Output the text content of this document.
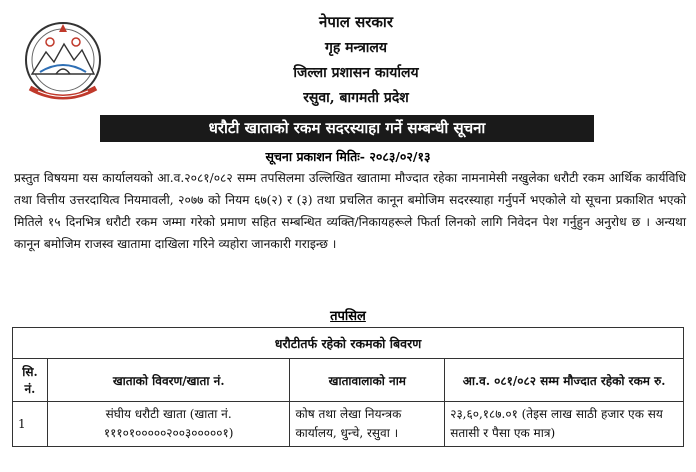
नेपाल सरकार
गृह मन्त्रालय
जिल्ला प्रशासन कार्यालय
रसुवा, बागमती प्रदेश
धरौटी खाताको रकम सदरस्याहा गर्ने सम्बन्धी सूचना
सूचना प्रकाशन मितिः- २०८३/०२/१३
प्रस्तुत विषयमा यस कार्यालयको आ.व.२०८१/०८२ सम्म तपसिलमा उल्लिखित खातामा मौज्दात रहेका नामनामेसी नखुलेका धरौटी रकम आर्थिक कार्यविधि तथा वित्तीय उत्तरदायित्व नियमावली, २०७७ को नियम ६७(२) र (३) तथा प्रचलित कानून बमोजिम सदरस्याहा गर्नुपर्ने भएकोले यो सूचना प्रकाशित भएको मितिले १५ दिनभित्र धरौटी रकम जम्मा गरेको प्रमाण सहित सम्बन्धित व्यक्ति/निकायहरूले फिर्ता लिनको लागि निवेदन पेश गर्नुहुन अनुरोध छ । अन्यथा कानून बमोजिम राजस्व खातामा दाखिला गरिने व्यहोरा जानकारी गराइन्छ ।
तपसिल
धरौटीतर्फ रहेको रकमको बिवरण			
सि. नं.	खाताको विवरण/खाता नं.	खातावालाको नाम	आ.व. ०८१/०८२ सम्म मौज्दात रहेको रकम रु.
1	संघीय धरौटी खाता (खाता नं. १११०१०००००२००३०००००१)	कोष तथा लेखा नियन्त्रक कार्यालय, धुन्चे, रसुवा ।	२३,६०,१८७.०१ (तेइस लाख साठी हजार एक सय सतासी र पैसा एक मात्र)
